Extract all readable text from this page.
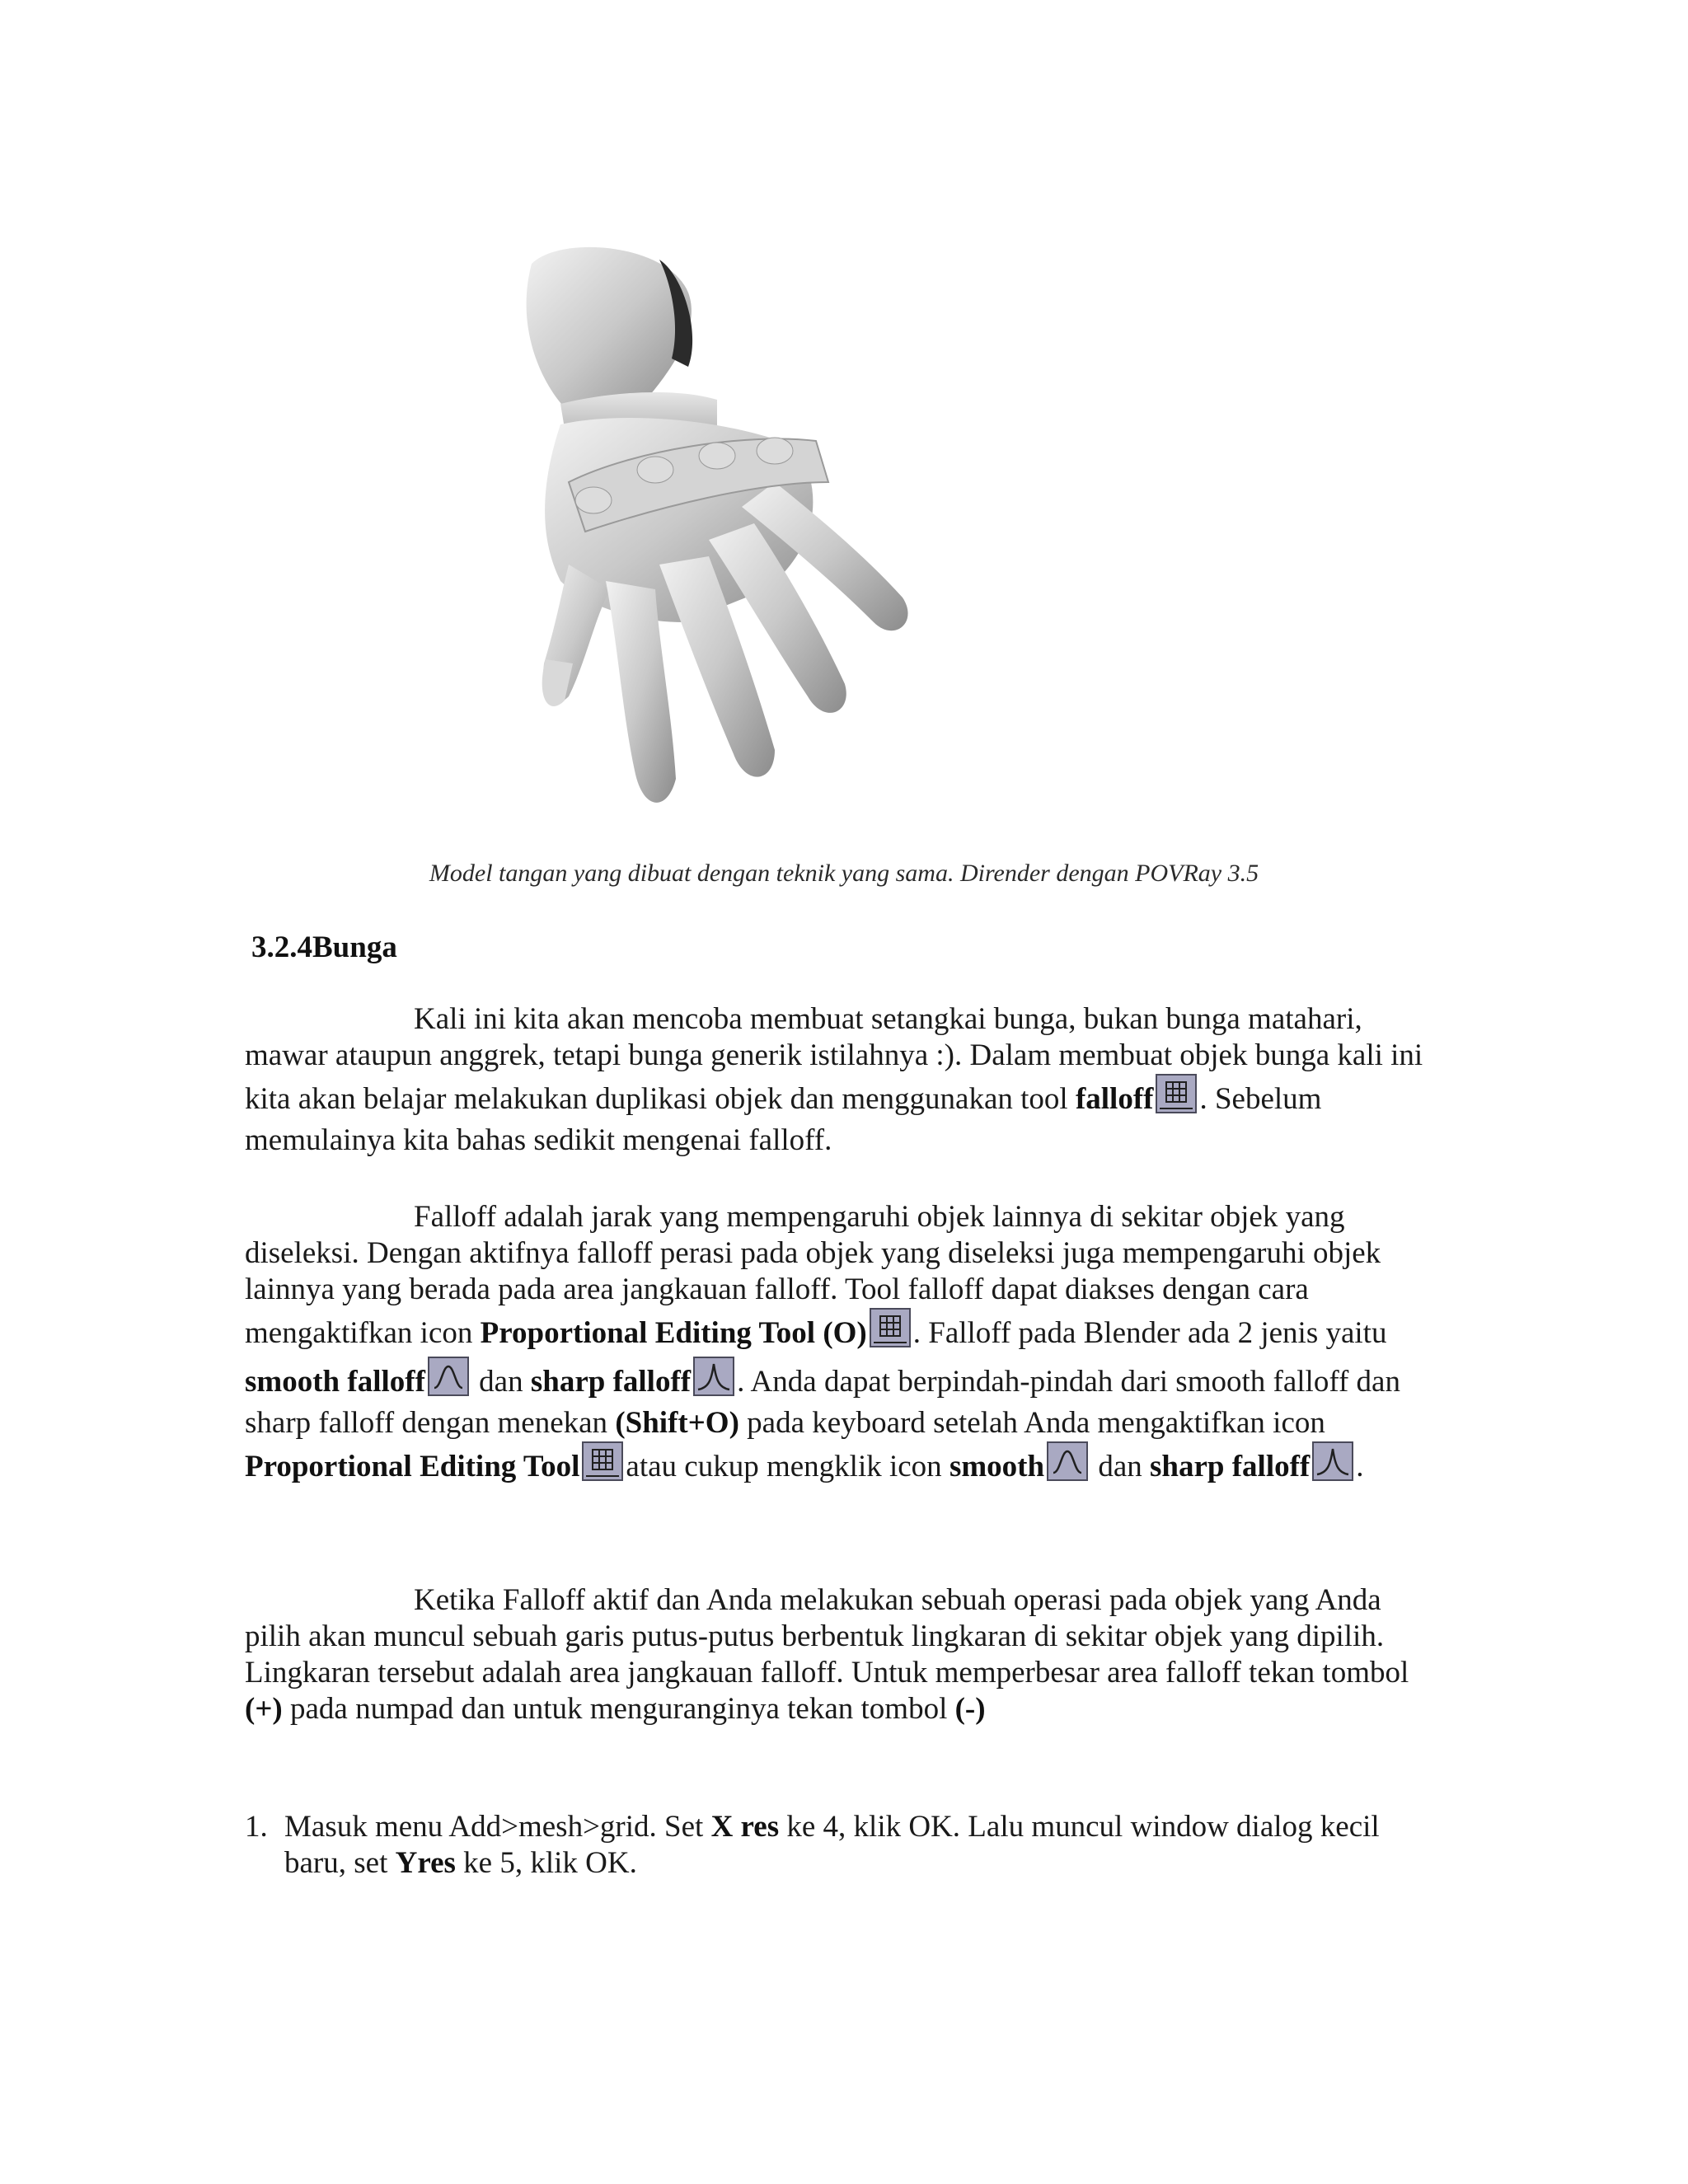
Model tangan yang dibuat dengan teknik yang sama. Dirender dengan POVRay 3.5
3.2.4Bunga
Kali ini kita akan mencoba membuat setangkai bunga, bukan bunga matahari, mawar ataupun anggrek, tetapi bunga generik istilahnya :). Dalam membuat objek bunga kali ini kita akan belajar melakukan duplikasi objek dan menggunakan tool falloff . Sebelum memulainya kita bahas sedikit mengenai falloff.
Falloff adalah jarak yang mempengaruhi objek lainnya di sekitar objek yang diseleksi. Dengan aktifnya falloff perasi pada objek yang diseleksi juga mempengaruhi objek lainnya yang berada pada area jangkauan falloff. Tool falloff dapat diakses dengan cara mengaktifkan icon Proportional Editing Tool (O) . Falloff pada Blender ada 2 jenis yaitu smooth falloff dan sharp falloff . Anda dapat berpindah-pindah dari smooth falloff dan sharp falloff dengan menekan (Shift+O) pada keyboard setelah Anda mengaktifkan icon Proportional Editing Tool atau cukup mengklik icon smooth dan sharp falloff .
Ketika Falloff aktif dan Anda melakukan sebuah operasi pada objek yang Anda pilih akan muncul sebuah garis putus-putus berbentuk lingkaran di sekitar objek yang dipilih. Lingkaran tersebut adalah area jangkauan falloff. Untuk memperbesar area falloff tekan tombol (+) pada numpad dan untuk menguranginya tekan tombol (-)
1. Masuk menu Add>mesh>grid. Set X res ke 4, klik OK. Lalu muncul window dialog kecil baru, set Yres ke 5, klik OK.
